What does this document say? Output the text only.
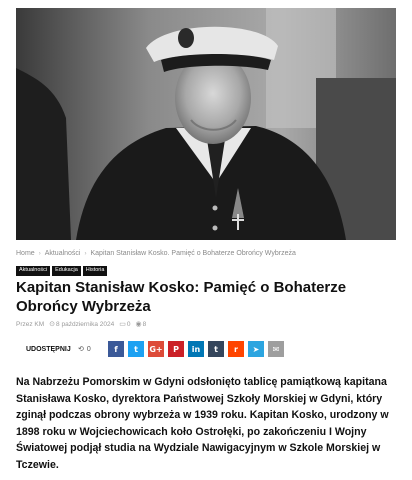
Home › Aktualności › Kapitan Stanisław Kosko. Pamięć o Bohaterze Obrońcy Wybrzeża
Aktualności	Edukacja	Historia
Kapitan Stanisław Kosko: Pamięć o Bohaterze Obrońcy Wybrzeża
Przez KM ⊙ 8 października 2024 ▭ 0 ◉ 8
UDOSTĘPNIJ	⟲ 0	f t G+ P in t r ➤ ✉

Na Nabrzeżu Pomorskim w Gdyni odsłonięto tablicę pamiątkową kapitana Stanisława Kosko, dyrektora Państwowej Szkoły Morskiej w Gdyni, który zginął podczas obrony wybrzeża w 1939 roku. Kapitan Kosko, urodzony w 1898 roku w Wojciechowicach koło Ostrołęki, po zakończeniu I Wojny Światowej podjął studia na Wydziale Nawigacyjnym w Szkole Morskiej w Tczewie.
